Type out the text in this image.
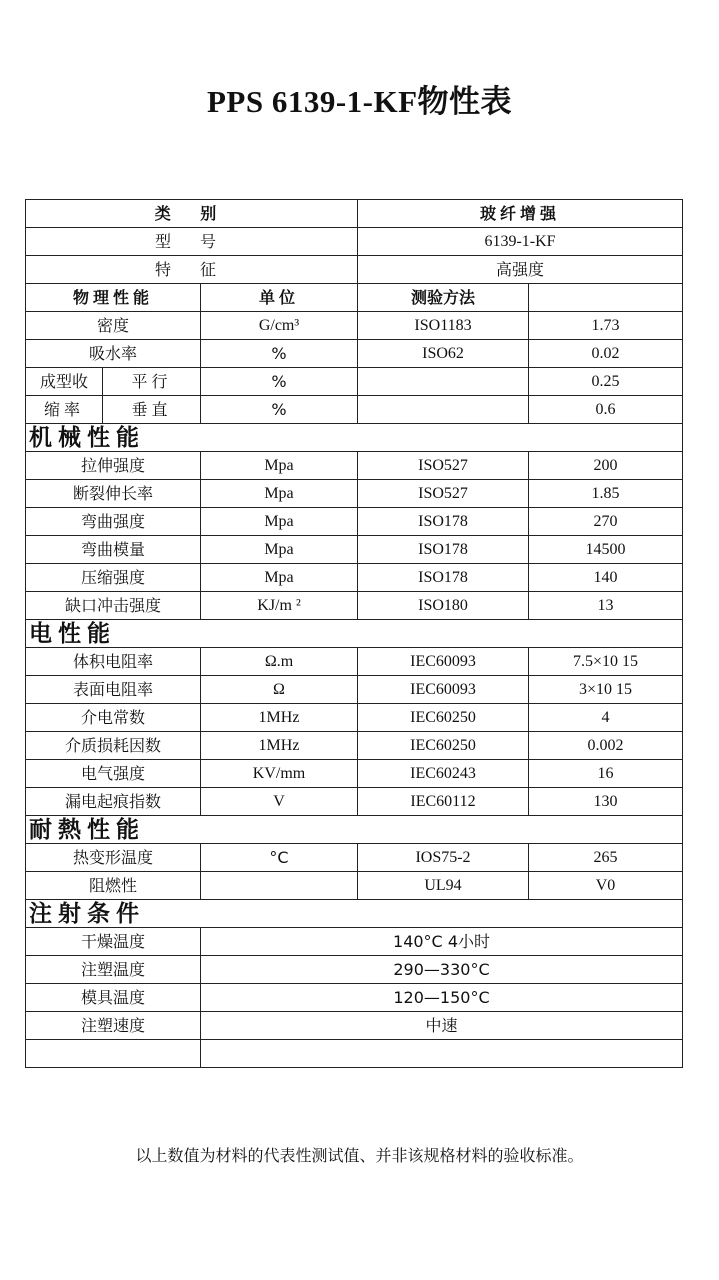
PPS 6139-1-KF物性表
类 别			玻纤增强	
型 号			6139-1-KF	
特 征			高强度	
物理性能		单位	测验方法	
密度		G/cm³	ISO1183	1.73
吸水率		%	ISO62	0.02
成型收	平行	%		0.25
缩率	垂直	%		0.6
机械性能				
拉伸强度		Mpa	ISO527	200
断裂伸长率		Mpa	ISO527	1.85
弯曲强度		Mpa	ISO178	270
弯曲模量		Mpa	ISO178	14500
压缩强度		Mpa	ISO178	140
缺口冲击强度		KJ/m ²	ISO180	13
电性能				
体积电阻率		Ω.m	IEC60093	7.5×10 15
表面电阻率		Ω	IEC60093	3×10 15
介电常数		1MHz	IEC60250	4
介质损耗因数		1MHz	IEC60250	0.002
电气强度		KV/mm	IEC60243	16
漏电起痕指数		V	IEC60112	130
耐熱性能				
热变形温度		°C	IOS75-2	265
阻燃性			UL94	V0
注射条件				
干燥温度		140°C 4小时		
注塑温度		290—330°C		
模具温度		120—150°C		
注塑速度		中速		

以上数值为材料的代表性测试值、并非该规格材料的验收标准。
